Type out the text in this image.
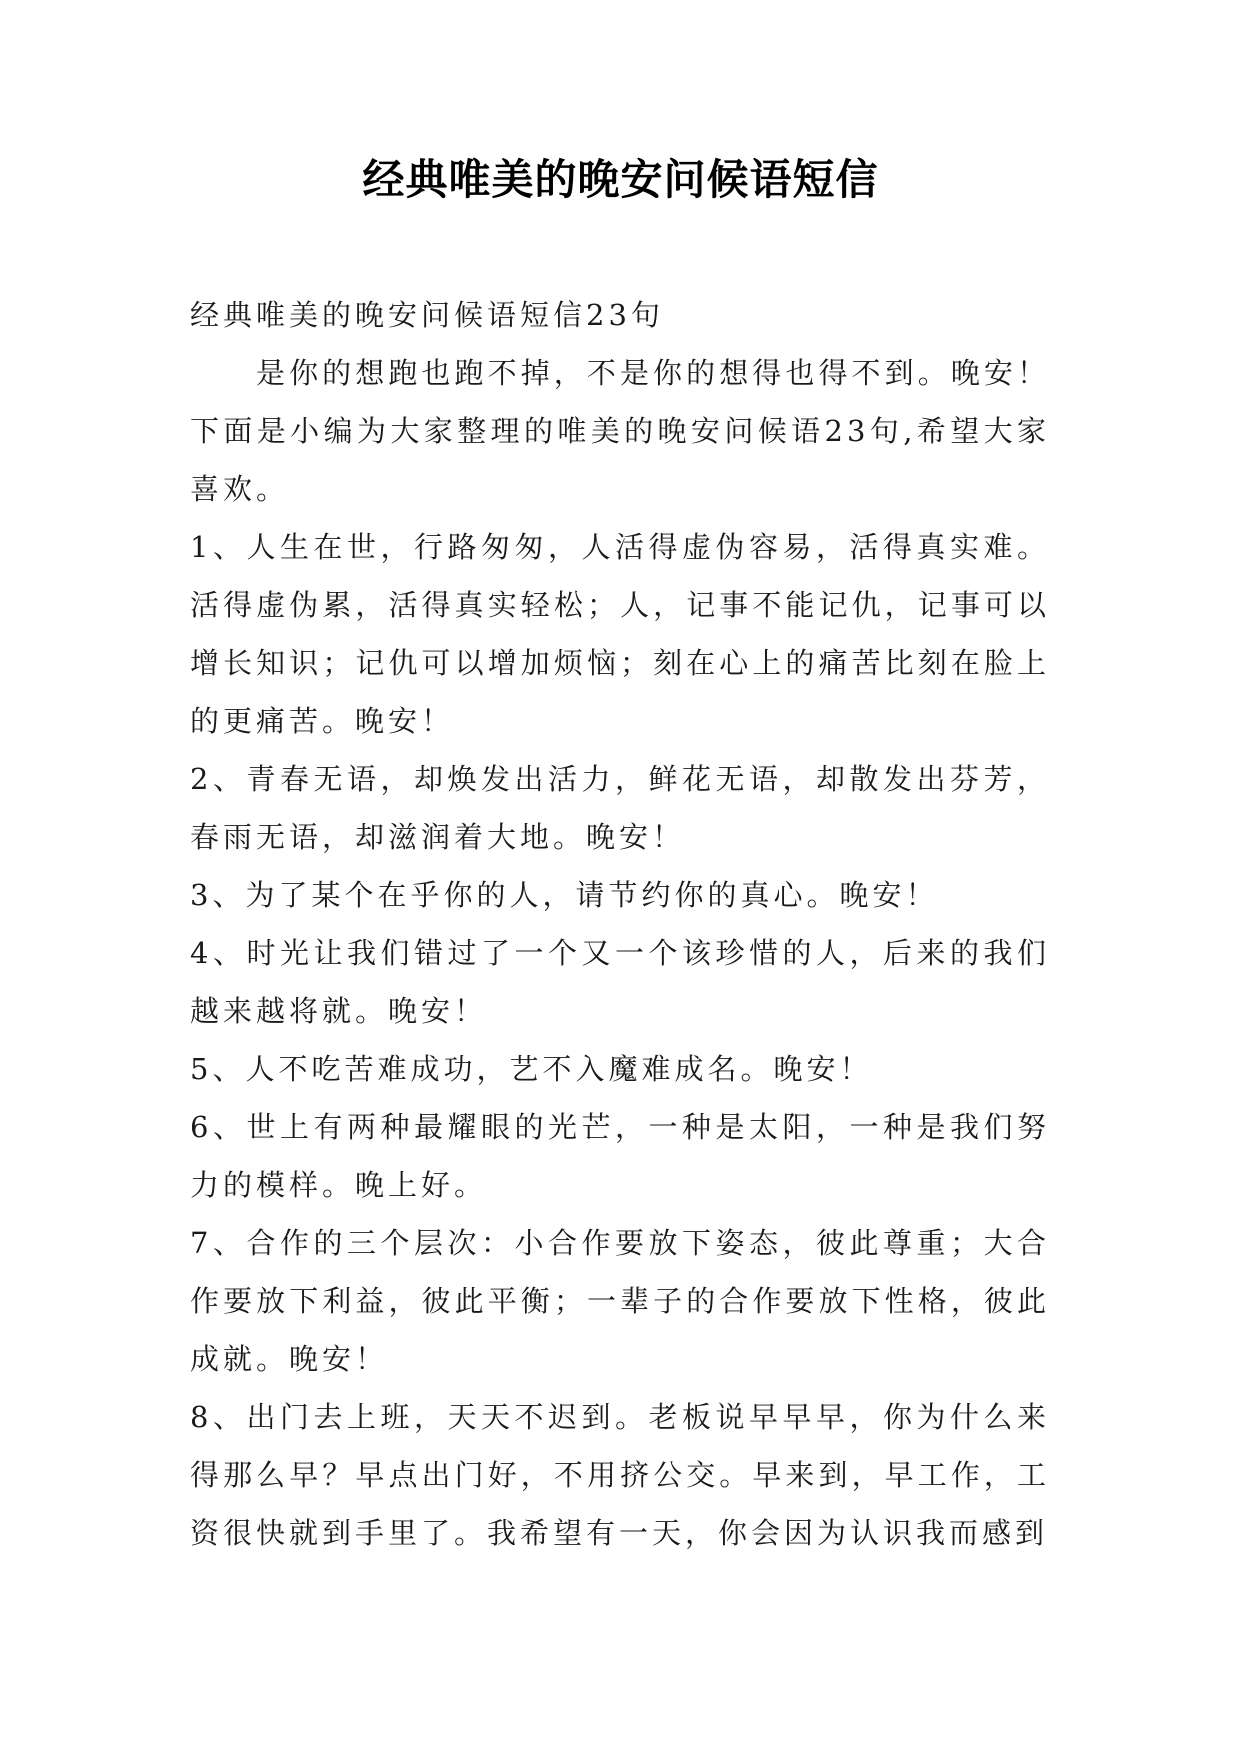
经典唯美的晚安问候语短信

经典唯美的晚安问候语短信23句

是你的想跑也跑不掉，不是你的想得也得不到。晚安！下面是小编为大家整理的唯美的晚安问候语23句,希望大家喜欢。

1、人生在世，行路匆匆，人活得虚伪容易，活得真实难。活得虚伪累，活得真实轻松；人，记事不能记仇，记事可以增长知识；记仇可以增加烦恼；刻在心上的痛苦比刻在脸上的更痛苦。晚安！

2、青春无语，却焕发出活力，鲜花无语，却散发出芬芳，春雨无语，却滋润着大地。晚安！

3、为了某个在乎你的人，请节约你的真心。晚安！

4、时光让我们错过了一个又一个该珍惜的人，后来的我们越来越将就。晚安！

5、人不吃苦难成功，艺不入魔难成名。晚安！

6、世上有两种最耀眼的光芒，一种是太阳，一种是我们努力的模样。晚上好。

7、合作的三个层次：小合作要放下姿态，彼此尊重；大合作要放下利益，彼此平衡；一辈子的合作要放下性格，彼此成就。晚安！

8、出门去上班，天天不迟到。老板说早早早，你为什么来得那么早？早点出门好，不用挤公交。早来到，早工作，工资很快就到手里了。我希望有一天，你会因为认识我而感到
